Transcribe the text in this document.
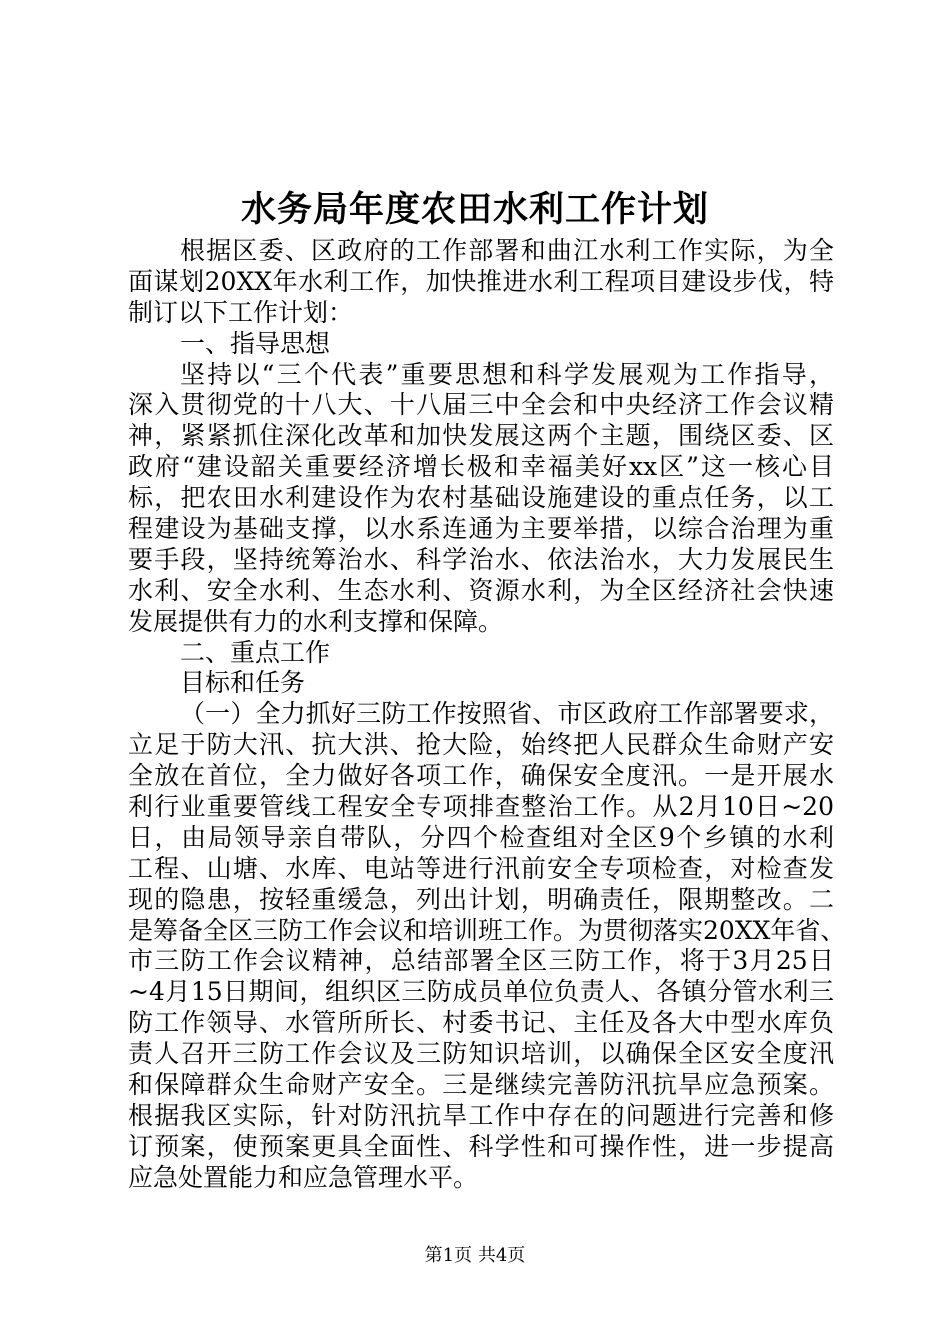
水务局年度农田水利工作计划
根据区委、区政府的工作部署和曲江水利工作实际，为全
面谋划20XX年水利工作，加快推进水利工程项目建设步伐，特
制订以下工作计划：
一、指导思想
坚持以“三个代表”重要思想和科学发展观为工作指导，
深入贯彻党的十八大、十八届三中全会和中央经济工作会议精
神，紧紧抓住深化改革和加快发展这两个主题，围绕区委、区
政府“建设韶关重要经济增长极和幸福美好xx区”这一核心目
标，把农田水利建设作为农村基础设施建设的重点任务，以工
程建设为基础支撑，以水系连通为主要举措，以综合治理为重
要手段，坚持统筹治水、科学治水、依法治水，大力发展民生
水利、安全水利、生态水利、资源水利，为全区经济社会快速
发展提供有力的水利支撑和保障。
二、重点工作
目标和任务
（一）全力抓好三防工作按照省、市区政府工作部署要求，
立足于防大汛、抗大洪、抢大险，始终把人民群众生命财产安
全放在首位，全力做好各项工作，确保安全度汛。一是开展水
利行业重要管线工程安全专项排查整治工作。从2月10日~20
日，由局领导亲自带队，分四个检查组对全区9个乡镇的水利
工程、山塘、水库、电站等进行汛前安全专项检查，对检查发
现的隐患，按轻重缓急，列出计划，明确责任，限期整改。二
是筹备全区三防工作会议和培训班工作。为贯彻落实20XX年省、
市三防工作会议精神，总结部署全区三防工作，将于3月25日
~4月15日期间，组织区三防成员单位负责人、各镇分管水利三
防工作领导、水管所所长、村委书记、主任及各大中型水库负
责人召开三防工作会议及三防知识培训，以确保全区安全度汛
和保障群众生命财产安全。三是继续完善防汛抗旱应急预案。
根据我区实际，针对防汛抗旱工作中存在的问题进行完善和修
订预案，使预案更具全面性、科学性和可操作性，进一步提高
应急处置能力和应急管理水平。
第1页 共4页
